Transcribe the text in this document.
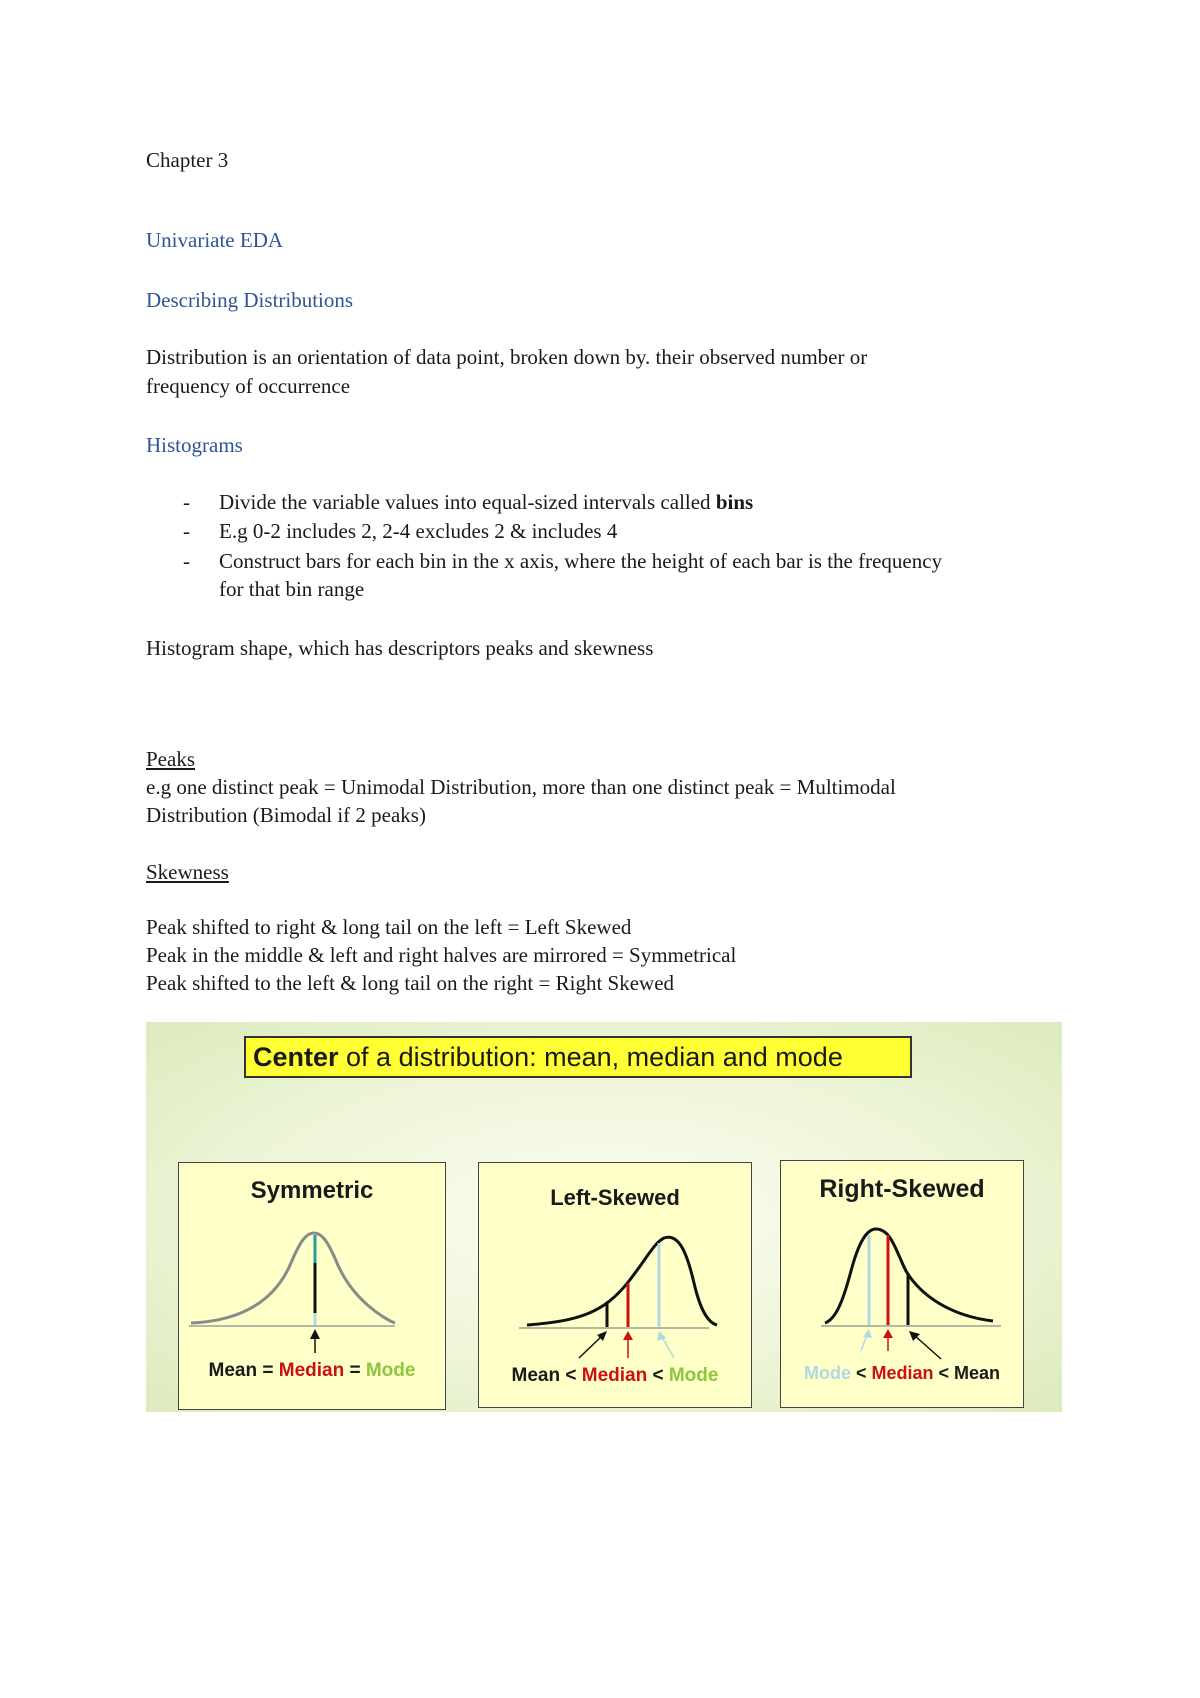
Chapter 3
Univariate EDA
Describing Distributions
Distribution is an orientation of data point, broken down by. their observed number or
frequency of occurrence
Histograms
- Divide the variable values into equal-sized intervals called bins
- E.g 0-2 includes 2, 2-4 excludes 2 & includes 4
- Construct bars for each bin in the x axis, where the height of each bar is the frequency
for that bin range
Histogram shape, which has descriptors peaks and skewness
Peaks
e.g one distinct peak = Unimodal Distribution, more than one distinct peak = Multimodal
Distribution (Bimodal if 2 peaks)
Skewness
Peak shifted to right & long tail on the left = Left Skewed
Peak in the middle & left and right halves are mirrored = Symmetrical
Peak shifted to the left & long tail on the right = Right Skewed
Center of a distribution: mean, median and mode
Symmetric
Mean = Median = Mode
Left-Skewed
Mean < Median < Mode
Right-Skewed
Mode < Median < Mean
